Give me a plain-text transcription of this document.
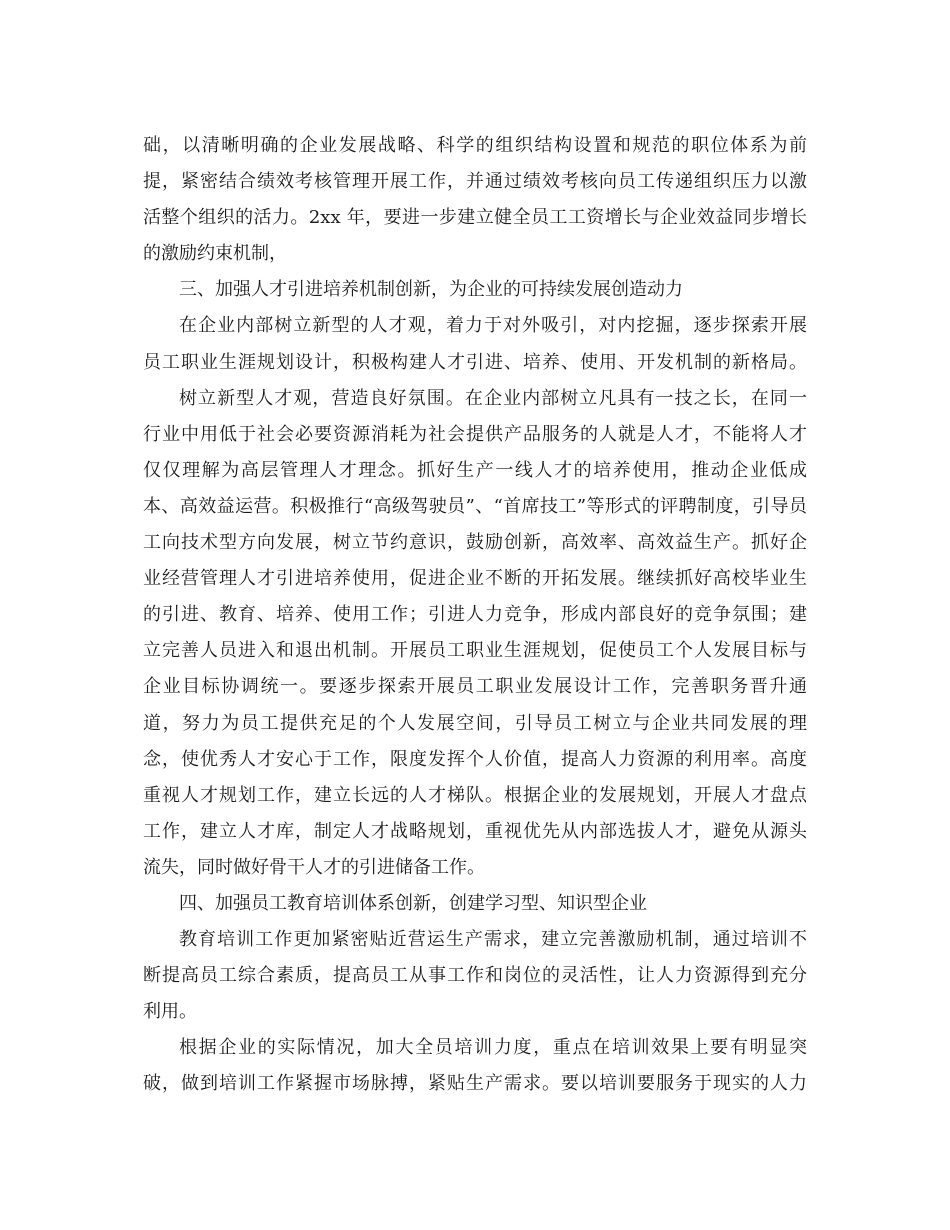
础，以清晰明确的企业发展战略、科学的组织结构设置和规范的职位体系为前
提，紧密结合绩效考核管理开展工作，并通过绩效考核向员工传递组织压力以激
活整个组织的活力。2xx 年，要进一步建立健全员工工资增长与企业效益同步增长
的激励约束机制，
三、加强人才引进培养机制创新，为企业的可持续发展创造动力
在企业内部树立新型的人才观，着力于对外吸引，对内挖掘，逐步探索开展
员工职业生涯规划设计，积极构建人才引进、培养、使用、开发机制的新格局。
树立新型人才观，营造良好氛围。在企业内部树立凡具有一技之长，在同一
行业中用低于社会必要资源消耗为社会提供产品服务的人就是人才，不能将人才
仅仅理解为高层管理人才理念。抓好生产一线人才的培养使用，推动企业低成
本、高效益运营。积极推行“高级驾驶员”、“首席技工”等形式的评聘制度，引导员
工向技术型方向发展，树立节约意识，鼓励创新，高效率、高效益生产。抓好企
业经营管理人才引进培养使用，促进企业不断的开拓发展。继续抓好高校毕业生
的引进、教育、培养、使用工作；引进人力竞争，形成内部良好的竞争氛围；建
立完善人员进入和退出机制。开展员工职业生涯规划，促使员工个人发展目标与
企业目标协调统一。要逐步探索开展员工职业发展设计工作，完善职务晋升通
道，努力为员工提供充足的个人发展空间，引导员工树立与企业共同发展的理
念，使优秀人才安心于工作，限度发挥个人价值，提高人力资源的利用率。高度
重视人才规划工作，建立长远的人才梯队。根据企业的发展规划，开展人才盘点
工作，建立人才库，制定人才战略规划，重视优先从内部选拔人才，避免从源头
流失，同时做好骨干人才的引进储备工作。
四、加强员工教育培训体系创新，创建学习型、知识型企业
教育培训工作更加紧密贴近营运生产需求，建立完善激励机制，通过培训不
断提高员工综合素质，提高员工从事工作和岗位的灵活性，让人力资源得到充分
利用。
根据企业的实际情况，加大全员培训力度，重点在培训效果上要有明显突
破，做到培训工作紧握市场脉搏，紧贴生产需求。要以培训要服务于现实的人力
